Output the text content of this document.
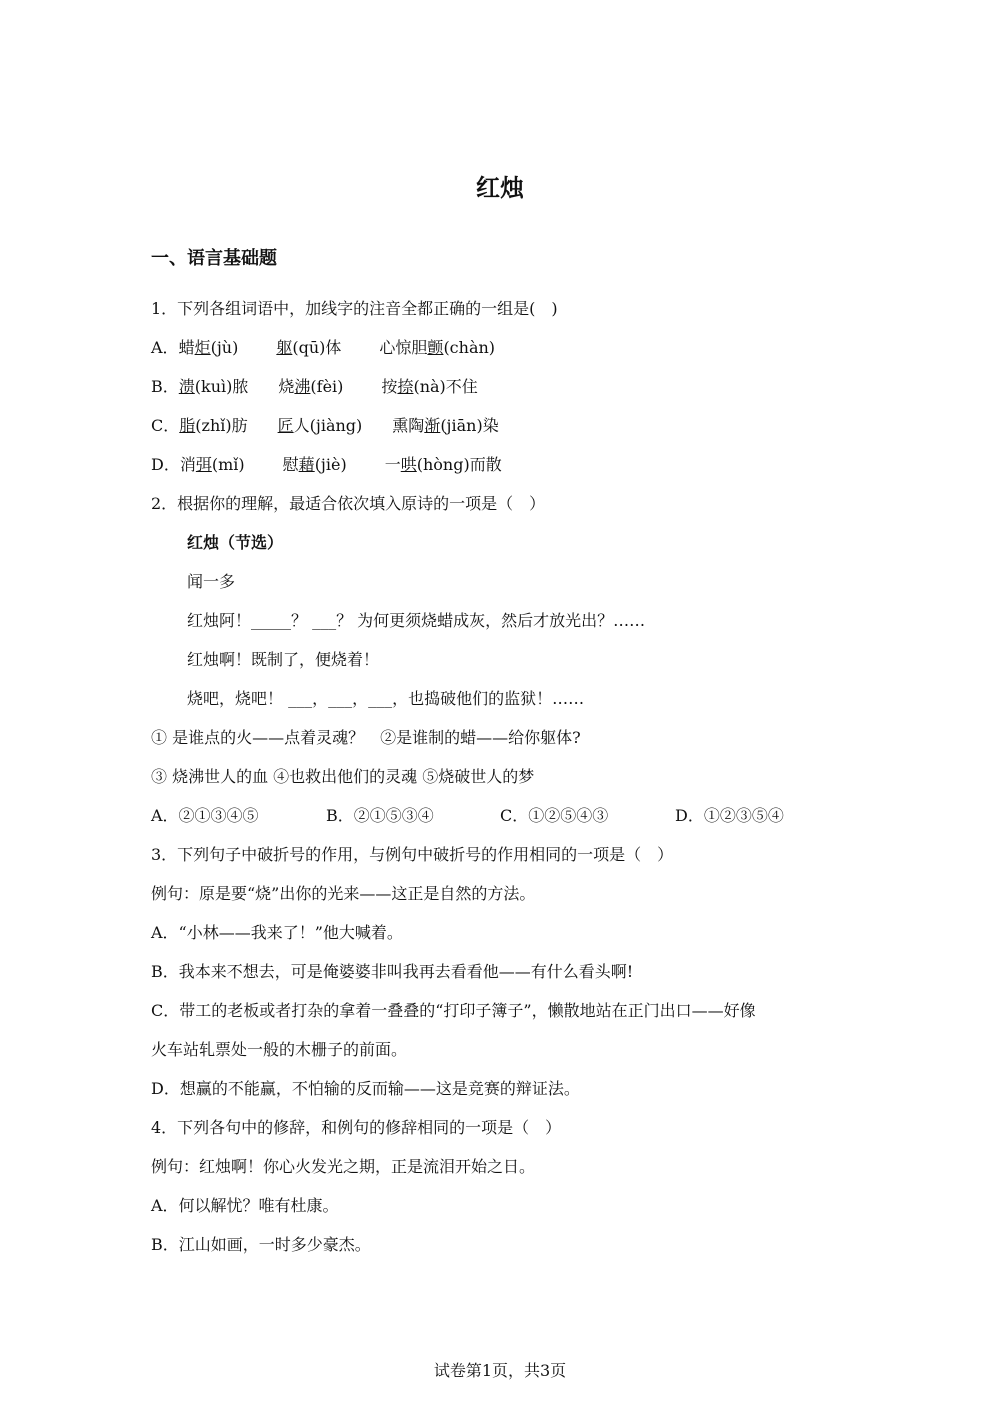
红烛
一、语言基础题
1．下列各组词语中，加线字的注音全都正确的一组是(　)
A．蜡炬(jù) 躯(qū)体 心惊胆颤(chàn)
B．溃(kuì)脓 烧沸(fèi) 按捺(nà)不住
C．脂(zhǐ)肪 匠人(jiàng) 熏陶渐(jiān)染
D．消弭(mǐ) 慰藉(jiè) 一哄(hòng)而散
2．根据你的理解，最适合依次填入原诗的一项是（　）
红烛（节选）
闻一多
红烛阿！_____？ ___？ 为何更须烧蜡成灰，然后才放光出？……
红烛啊！既制了，便烧着！
烧吧，烧吧！ ___，___，___，也捣破他们的监狱！……
① 是谁点的火——点着灵魂？　②是谁制的蜡——给你躯体?
③ 烧沸世人的血 ④也救出他们的灵魂 ⑤烧破世人的梦
A．②①③④⑤	B．②①⑤③④	C．①②⑤④③	D．①②③⑤④
3．下列句子中破折号的作用，与例句中破折号的作用相同的一项是（　）
例句：原是要“烧”出你的光来——这正是自然的方法。
A．“小林——我来了！”他大喊着。
B．我本来不想去，可是俺婆婆非叫我再去看看他——有什么看头啊!
C．带工的老板或者打杂的拿着一叠叠的“打印子簿子”，懒散地站在正门出口——好像
火车站轧票处一般的木栅子的前面。
D．想赢的不能赢，不怕输的反而输——这是竞赛的辩证法。
4．下列各句中的修辞，和例句的修辞相同的一项是（　）
例句：红烛啊！你心火发光之期，正是流泪开始之日。
A．何以解忧？唯有杜康。
B．江山如画，一时多少豪杰。
试卷第1页，共3页
